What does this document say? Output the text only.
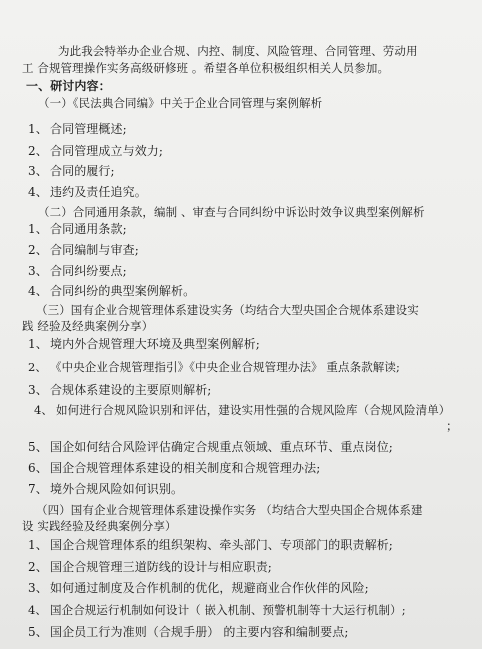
为此我会特举办企业合规、内控、制度、风险管理、合同管理、劳动用
工 合规管理操作实务高级研修班 。希望各单位积极组织相关人员参加。
一、研讨内容：
（一）《民法典合同编》中关于企业合同管理与案例解析
1、 合同管理概述;
2、 合同管理成立与效力;
3、 合同的履行;
4、 违约及责任追究。
（二）合同通用条款，编制 、审查与合同纠纷中诉讼时效争议典型案例解析
1、 合同通用条款;
2、 合同编制与审查;
3、 合同纠纷要点;
4、 合同纠纷的典型案例解析。
（三）国有企业合规管理体系建设实务（均结合大型央国企合规体系建设实
践 经验及经典案例分享）
1、 境内外合规管理大环境及典型案例解析;
2、 《中央企业合规管理指引》《中央企业合规管理办法》 重点条款解读;
3、 合规体系建设的主要原则解析;
4、 如何进行合规风险识别和评估，建设实用性强的合规风险库（合规风险清单）
；
5、 国企如何结合风险评估确定合规重点领域、重点环节、重点岗位;
6、 国企合规管理体系建设的相关制度和合规管理办法;
7、 境外合规风险如何识别。
（四）国有企业合规管理体系建设操作实务 （均结合大型央国企合规体系建
设 实践经验及经典案例分享）
1、 国企合规管理体系的组织架构、牵头部门、专项部门的职责解析;
2、 国企合规管理三道防线的设计与相应职责;
3、 如何通过制度及合作机制的优化，规避商业合作伙伴的风险;
4、 国企合规运行机制如何设计（ 嵌入机制、预警机制等十大运行机制）;
5、 国企员工行为准则（合规手册） 的主要内容和编制要点;
